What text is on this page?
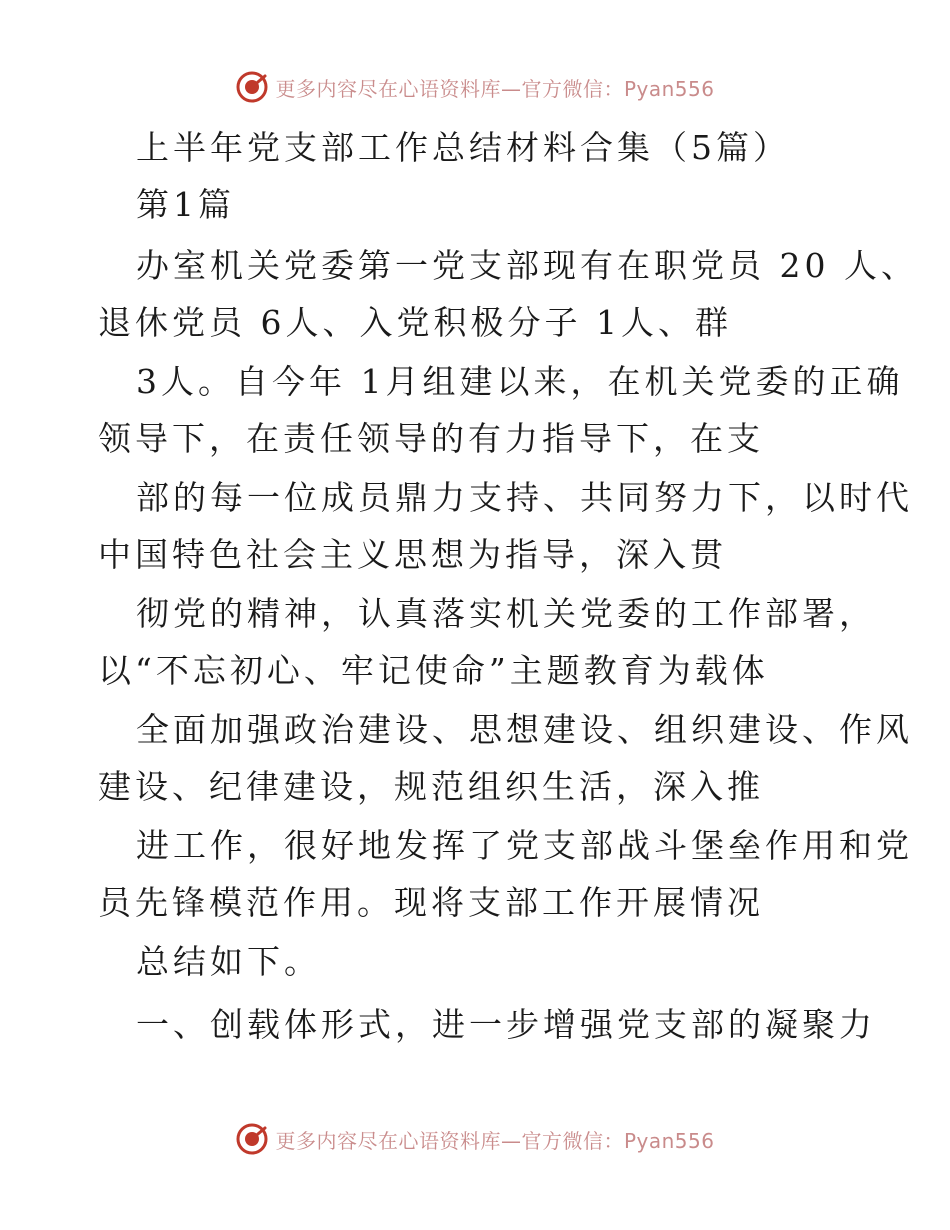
更多内容尽在心语资料库—官方微信：Pyan556
上半年党支部工作总结材料合集（5篇）
第1篇
办室机关党委第一党支部现有在职党员 20 人、
退休党员 6人、入党积极分子 1人、群
3人。自今年 1月组建以来，在机关党委的正确
领导下，在责任领导的有力指导下，在支
部的每一位成员鼎力支持、共同努力下，以时代
中国特色社会主义思想为指导，深入贯
彻党的精神，认真落实机关党委的工作部署，
以“不忘初心、牢记使命”主题教育为载体
全面加强政治建设、思想建设、组织建设、作风
建设、纪律建设，规范组织生活，深入推
进工作，很好地发挥了党支部战斗堡垒作用和党
员先锋模范作用。现将支部工作开展情况
总结如下。
一、创载体形式，进一步增强党支部的凝聚力
更多内容尽在心语资料库—官方微信：Pyan556
